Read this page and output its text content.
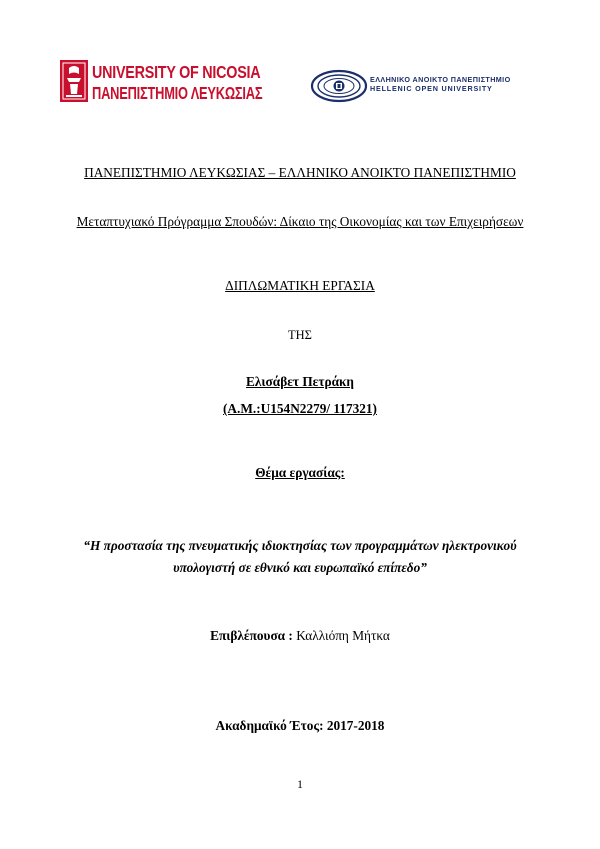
UNIVERSITY OF NICOSIA
ΠΑΝΕΠΙΣΤΗΜΙΟ ΛΕΥΚΩΣΙΑΣ
ΕΛΛΗΝΙΚΟ ΑΝΟΙΚΤΟ ΠΑΝΕΠΙΣΤΗΜΙΟ
HELLENIC OPEN UNIVERSITY
ΠΑΝΕΠΙΣΤΗΜΙΟ ΛΕΥΚΩΣΙΑΣ – ΕΛΛΗΝΙΚΟ ΑΝΟΙΚΤΟ ΠΑΝΕΠΙΣΤΗΜΙΟ
Μεταπτυχιακό Πρόγραμμα Σπουδών: Δίκαιο της Οικονομίας και των Επιχειρήσεων
ΔΙΠΛΩΜΑΤΙΚΗ ΕΡΓΑΣΙΑ
ΤΗΣ
Ελισάβετ Πετράκη
(Α.Μ.:U154N2279/ 117321)
Θέμα εργασίας:
“Η προστασία της πνευματικής ιδιοκτησίας των προγραμμάτων ηλεκτρονικού
υπολογιστή σε εθνικό και ευρωπαϊκό επίπεδο”
Επιβλέπουσα : Καλλιόπη Μήτκα
Ακαδημαϊκό Έτος: 2017-2018
1
